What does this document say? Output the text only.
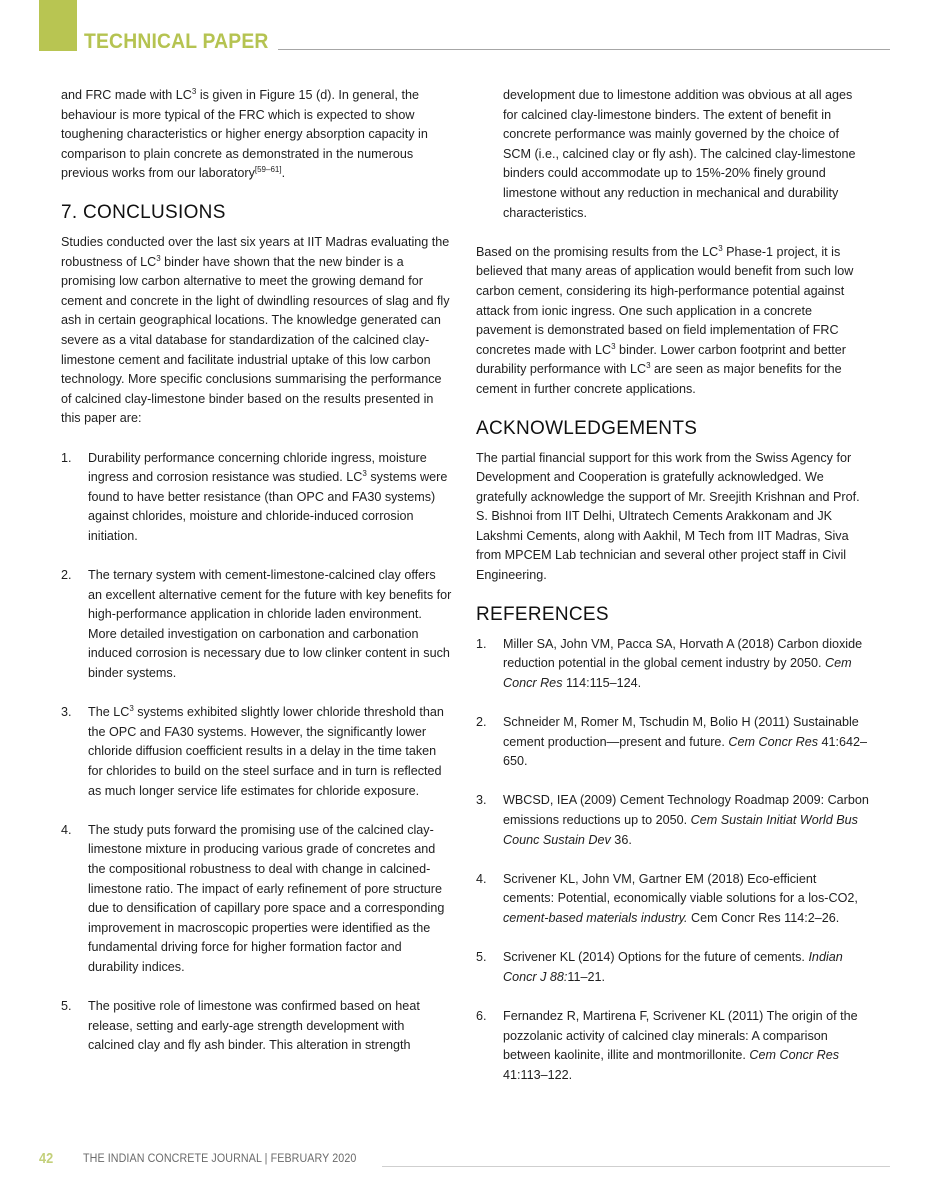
TECHNICAL PAPER

and FRC made with $LC^3$ is given in Figure 15 (d). In general, the behaviour is more typical of the FRC which is expected to show toughening characteristics or higher energy absorption capacity in comparison to plain concrete as demonstrated in the numerous previous works from our laboratory[59–61].

7. CONCLUSIONS

Studies conducted over the last six years at IIT Madras evaluating the robustness of $LC^3$ binder have shown that the new binder is a promising low carbon alternative to meet the growing demand for cement and concrete in the light of dwindling resources of slag and fly ash in certain geographical locations. The knowledge generated can severe as a vital database for standardization of the calcined clay-limestone cement and facilitate industrial uptake of this low carbon technology. More specific conclusions summarising the performance of calcined clay-limestone binder based on the results presented in this paper are:

1. Durability performance concerning chloride ingress, moisture ingress and corrosion resistance was studied. $LC^3$ systems were found to have better resistance (than OPC and FA30 systems) against chlorides, moisture and chloride-induced corrosion initiation.
2. The ternary system with cement-limestone-calcined clay offers an excellent alternative cement for the future with key benefits for high-performance application in chloride laden environment. More detailed investigation on carbonation and carbonation induced corrosion is necessary due to low clinker content in such binder systems.
3. The $LC^3$ systems exhibited slightly lower chloride threshold than the OPC and FA30 systems. However, the significantly lower chloride diffusion coefficient results in a delay in the time taken for chlorides to build on the steel surface and in turn is reflected as much longer service life estimates for chloride exposure.
4. The study puts forward the promising use of the calcined clay-limestone mixture in producing various grade of concretes and the compositional robustness to deal with change in calcined-limestone ratio. The impact of early refinement of pore structure due to densification of capillary pore space and a corresponding improvement in macroscopic properties were identified as the fundamental driving force for higher formation factor and durability indices.
5. The positive role of limestone was confirmed based on heat release, setting and early-age strength development with calcined clay and fly ash binder. This alteration in strength

development due to limestone addition was obvious at all ages for calcined clay-limestone binders. The extent of benefit in concrete performance was mainly governed by the choice of SCM (i.e., calcined clay or fly ash). The calcined clay-limestone binders could accommodate up to 15%-20% finely ground limestone without any reduction in mechanical and durability characteristics.

Based on the promising results from the $LC^3$ Phase-1 project, it is believed that many areas of application would benefit from such low carbon cement, considering its high-performance potential against attack from ionic ingress. One such application in a concrete pavement is demonstrated based on field implementation of FRC concretes made with $LC^3$ binder. Lower carbon footprint and better durability performance with $LC^3$ are seen as major benefits for the cement in further concrete applications.

ACKNOWLEDGEMENTS

The partial financial support for this work from the Swiss Agency for Development and Cooperation is gratefully acknowledged. We gratefully acknowledge the support of Mr. Sreejith Krishnan and Prof. S. Bishnoi from IIT Delhi, Ultratech Cements Arakkonam and JK Lakshmi Cements, along with Aakhil, M Tech from IIT Madras, Siva from MPCEM Lab technician and several other project staff in Civil Engineering.

REFERENCES
1. Miller SA, John VM, Pacca SA, Horvath A (2018) Carbon dioxide reduction potential in the global cement industry by 2050. Cem Concr Res 114:115–124.
2. Schneider M, Romer M, Tschudin M, Bolio H (2011) Sustainable cement production—present and future. Cem Concr Res 41:642–650.
3. WBCSD, IEA (2009) Cement Technology Roadmap 2009: Carbon emissions reductions up to 2050. Cem Sustain Initiat World Bus Counc Sustain Dev 36.
4. Scrivener KL, John VM, Gartner EM (2018) Eco-efficient cements: Potential, economically viable solutions for a los-CO2, cement-based materials industry. Cem Concr Res 114:2–26.
5. Scrivener KL (2014) Options for the future of cements. Indian Concr J 88:11–21.
6. Fernandez R, Martirena F, Scrivener KL (2011) The origin of the pozzolanic activity of calcined clay minerals: A comparison between kaolinite, illite and montmorillonite. Cem Concr Res 41:113–122.
42	THE INDIAN CONCRETE JOURNAL | FEBRUARY 2020
